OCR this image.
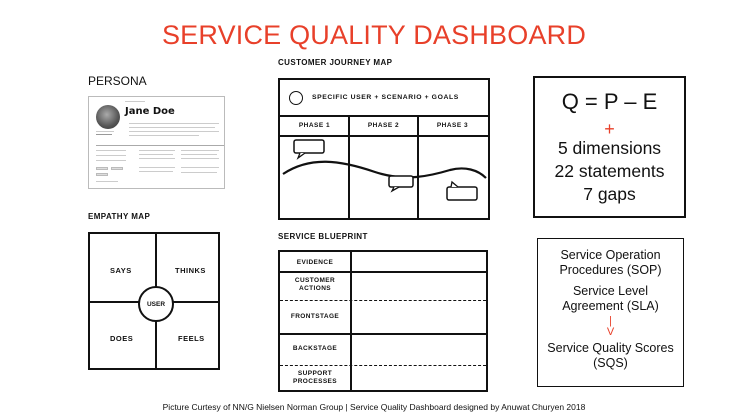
SERVICE QUALITY DASHBOARD
PERSONA
Jane Doe
EMPATHY MAP
SAYS	THINKS
DOES	FEELS
USER
CUSTOMER JOURNEY MAP
SPECIFIC USER + SCENARIO + GOALS
PHASE 1	PHASE 2	PHASE 3
SERVICE BLUEPRINT
EVIDENCE
CUSTOMER ACTIONS
FRONTSTAGE
BACKSTAGE
SUPPORT PROCESSES
Q = P – E
+
5 dimensions
22 statements
7 gaps
Service Operation Procedures (SOP)
Service Level Agreement (SLA)
|
V
Service Quality Scores (SQS)
Picture Curtesy of NN/G Nielsen Norman Group | Service Quality Dashboard designed by Anuwat Churyen 2018
